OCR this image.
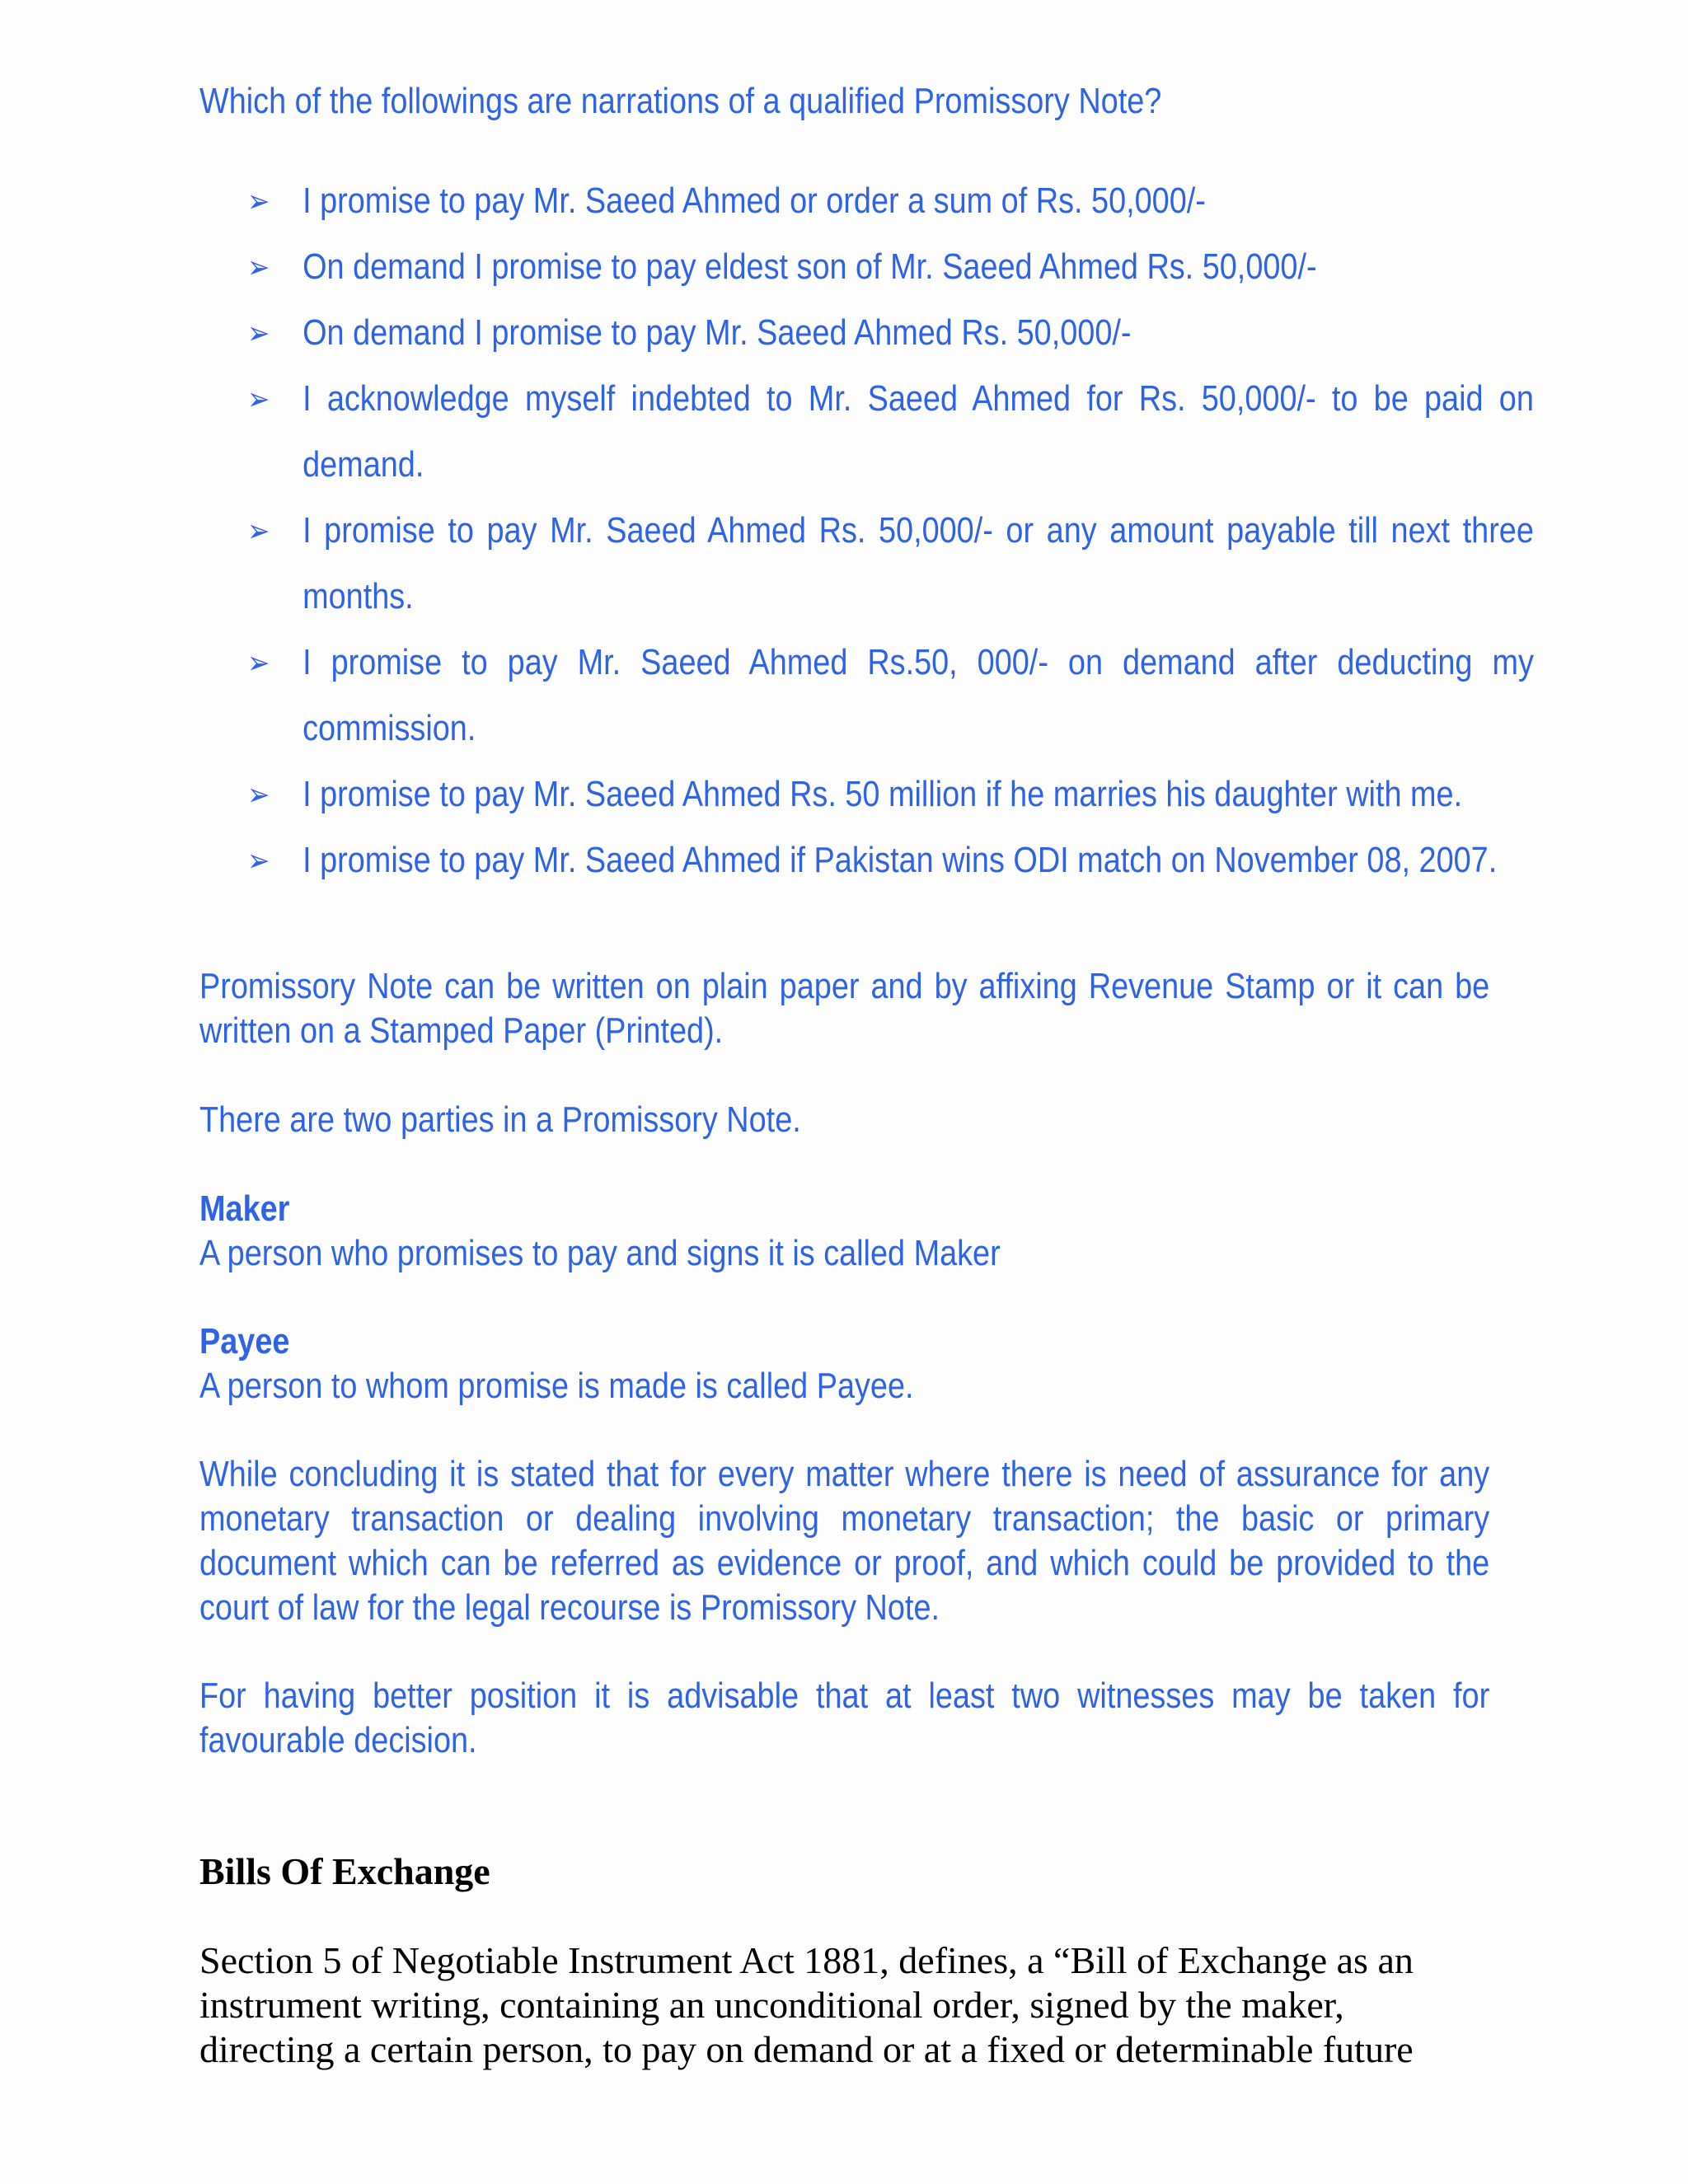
Which of the followings are narrations of a qualified Promissory Note?

➢ I promise to pay Mr. Saeed Ahmed or order a sum of Rs. 50,000/-
➢ On demand I promise to pay eldest son of Mr. Saeed Ahmed Rs. 50,000/-
➢ On demand I promise to pay Mr. Saeed Ahmed Rs. 50,000/-
➢ I acknowledge myself indebted to Mr. Saeed Ahmed for Rs. 50,000/- to be paid on demand.
➢ I promise to pay Mr. Saeed Ahmed Rs. 50,000/- or any amount payable till next three months.
➢ I promise to pay Mr. Saeed Ahmed Rs.50, 000/- on demand after deducting my commission.
➢ I promise to pay Mr. Saeed Ahmed Rs. 50 million if he marries his daughter with me.
➢ I promise to pay Mr. Saeed Ahmed if Pakistan wins ODI match on November 08, 2007.

Promissory Note can be written on plain paper and by affixing Revenue Stamp or it can be written on a Stamped Paper (Printed).

There are two parties in a Promissory Note.

Maker

A person who promises to pay and signs it is called Maker

Payee

A person to whom promise is made is called Payee.

While concluding it is stated that for every matter where there is need of assurance for any monetary transaction or dealing involving monetary transaction; the basic or primary document which can be referred as evidence or proof, and which could be provided to the court of law for the legal recourse is Promissory Note.

For having better position it is advisable that at least two witnesses may be taken for favourable decision.

Bills Of Exchange

Section 5 of Negotiable Instrument Act 1881, defines, a “Bill of Exchange as an

instrument writing, containing an unconditional order, signed by the maker,

directing a certain person, to pay on demand or at a fixed or determinable future
